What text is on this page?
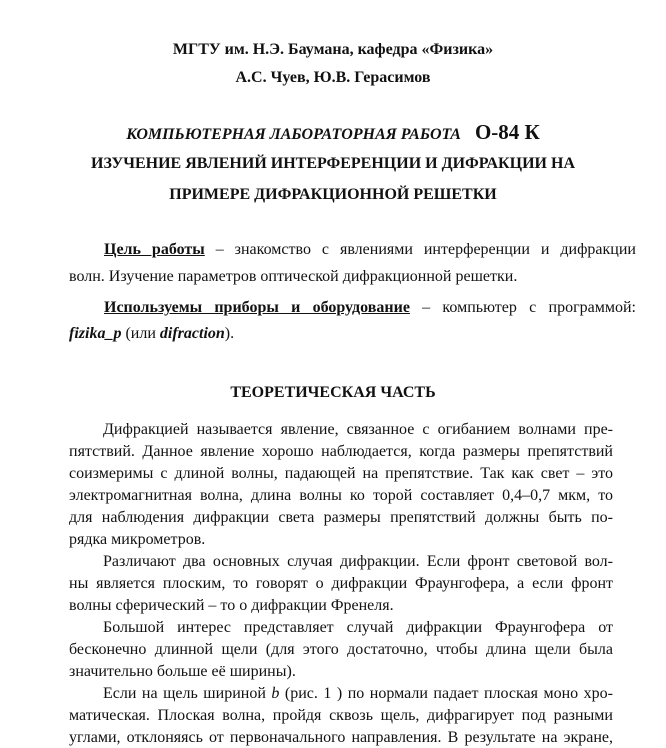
МГТУ им. Н.Э. Баумана, кафедра «Физика»
А.С. Чуев, Ю.В. Герасимов
КОМПЬЮТЕРНАЯ ЛАБОРАТОРНАЯ РАБОТА О-84 К
ИЗУЧЕНИЕ ЯВЛЕНИЙ ИНТЕРФЕРЕНЦИИ И ДИФРАКЦИИ НА
ПРИМЕРЕ ДИФРАКЦИОННОЙ РЕШЕТКИ
Цель работы – знакомство с явлениями интерференции и дифракции
волн. Изучение параметров оптической дифракционной решетки.
Используемы приборы и оборудование – компьютер с программой:
fizika_p (или difraction).
ТЕОРЕТИЧЕСКАЯ ЧАСТЬ
Дифракцией называется явление, связанное с огибанием волнами пре-
пятствий. Данное явление хорошо наблюдается, когда размеры препятствий
соизмеримы с длиной волны, падающей на препятствие. Так как свет – это
электромагнитная волна, длина волны ко торой составляет 0,4–0,7 мкм, то
для наблюдения дифракции света размеры препятствий должны быть по-
рядка микрометров.
Различают два основных случая дифракции. Если фронт световой вол-
ны является плоским, то говорят о дифракции Фраунгофера, а если фронт
волны сферический – то о дифракции Френеля.
Большой интерес представляет случай дифракции Фраунгофера от
бесконечно длинной щели (для этого достаточно, чтобы длина щели была
значительно больше её ширины).
Если на щель шириной b (рис. 1 ) по нормали падает плоская моно хро-
матическая. Плоская волна, пройдя сквозь щель, дифрагирует под разными
углами, отклоняясь от первоначального направления. В результате на экране,
